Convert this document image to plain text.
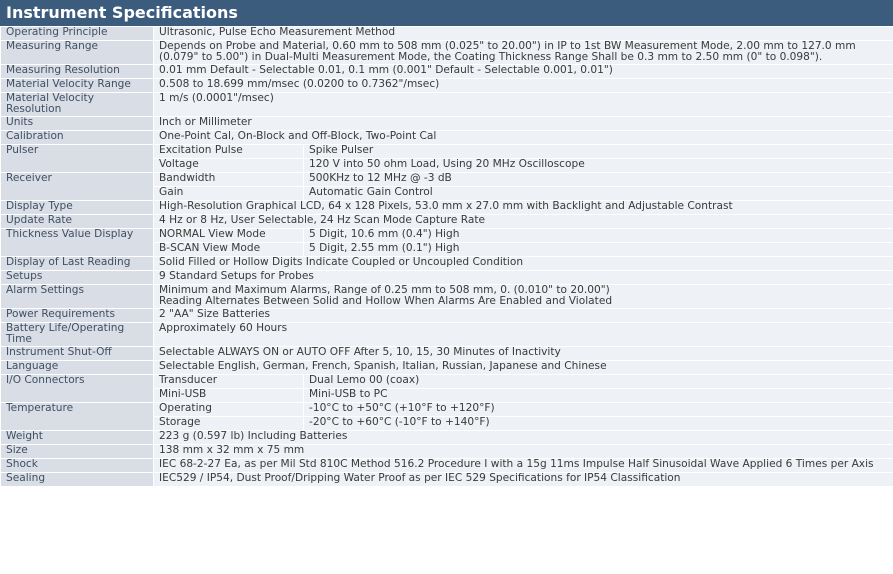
Instrument Specifications
Operating Principle	Ultrasonic, Pulse Echo Measurement Method	
Measuring Range	Depends on Probe and Material, 0.60 mm to 508 mm (0.025" to 20.00") in IP to 1st BW Measurement Mode, 2.00 mm to 127.0 mm
(0.079" to 5.00") in Dual-Multi Measurement Mode, the Coating Thickness Range Shall be 0.3 mm to 2.50 mm (0" to 0.098").	

Measuring Resolution	0.01 mm Default - Selectable 0.01, 0.1 mm (0.001" Default - Selectable 0.001, 0.01")	
Material Velocity Range	0.508 to 18.699 mm/msec (0.0200 to 0.7362"/msec)	

Material Velocity
Resolution	1 m/s (0.0001"/msec)	
Units	Inch or Millimeter	
Calibration	One-Point Cal, On-Block and Off-Block, Two-Point Cal	
Pulser	Excitation Pulse	Spike Pulser
	Voltage	120 V into 50 ohm Load, Using 20 MHz Oscilloscope
Receiver	Bandwidth	500KHz to 12 MHz @ -3 dB
	Gain	Automatic Gain Control
Display Type	High-Resolution Graphical LCD, 64 x 128 Pixels, 53.0 mm x 27.0 mm with Backlight and Adjustable Contrast	
Update Rate	4 Hz or 8 Hz, User Selectable, 24 Hz Scan Mode Capture Rate	
Thickness Value Display	NORMAL View Mode	5 Digit, 10.6 mm (0.4") High
	B-SCAN View Mode	5 Digit, 2.55 mm (0.1") High
Display of Last Reading	Solid Filled or Hollow Digits Indicate Coupled or Uncoupled Condition	
Setups	9 Standard Setups for Probes	
Alarm Settings	Minimum and Maximum Alarms, Range of 0.25 mm to 508 mm, 0. (0.010" to 20.00")
Reading Alternates Between Solid and Hollow When Alarms Are Enabled and Violated	

Power Requirements	2 "AA" Size Batteries	

Battery Life/Operating
Time	Approximately 60 Hours	
Instrument Shut-Off	Selectable ALWAYS ON or AUTO OFF After 5, 10, 15, 30 Minutes of Inactivity	
Language	Selectable English, German, French, Spanish, Italian, Russian, Japanese and Chinese	
I/O Connectors	Transducer	Dual Lemo 00 (coax)
	Mini-USB	Mini-USB to PC
Temperature	Operating	-10°C to +50°C (+10°F to +120°F)
	Storage	-20°C to +60°C (-10°F to +140°F)
Weight	223 g (0.597 lb) Including Batteries	
Size	138 mm x 32 mm x 75 mm	
Shock	IEC 68-2-27 Ea, as per Mil Std 810C Method 516.2 Procedure I with a 15g 11ms Impulse Half Sinusoidal Wave Applied 6 Times per Axis	
Sealing	IEC529 / IP54, Dust Proof/Dripping Water Proof as per IEC 529 Specifications for IP54 Classification	
